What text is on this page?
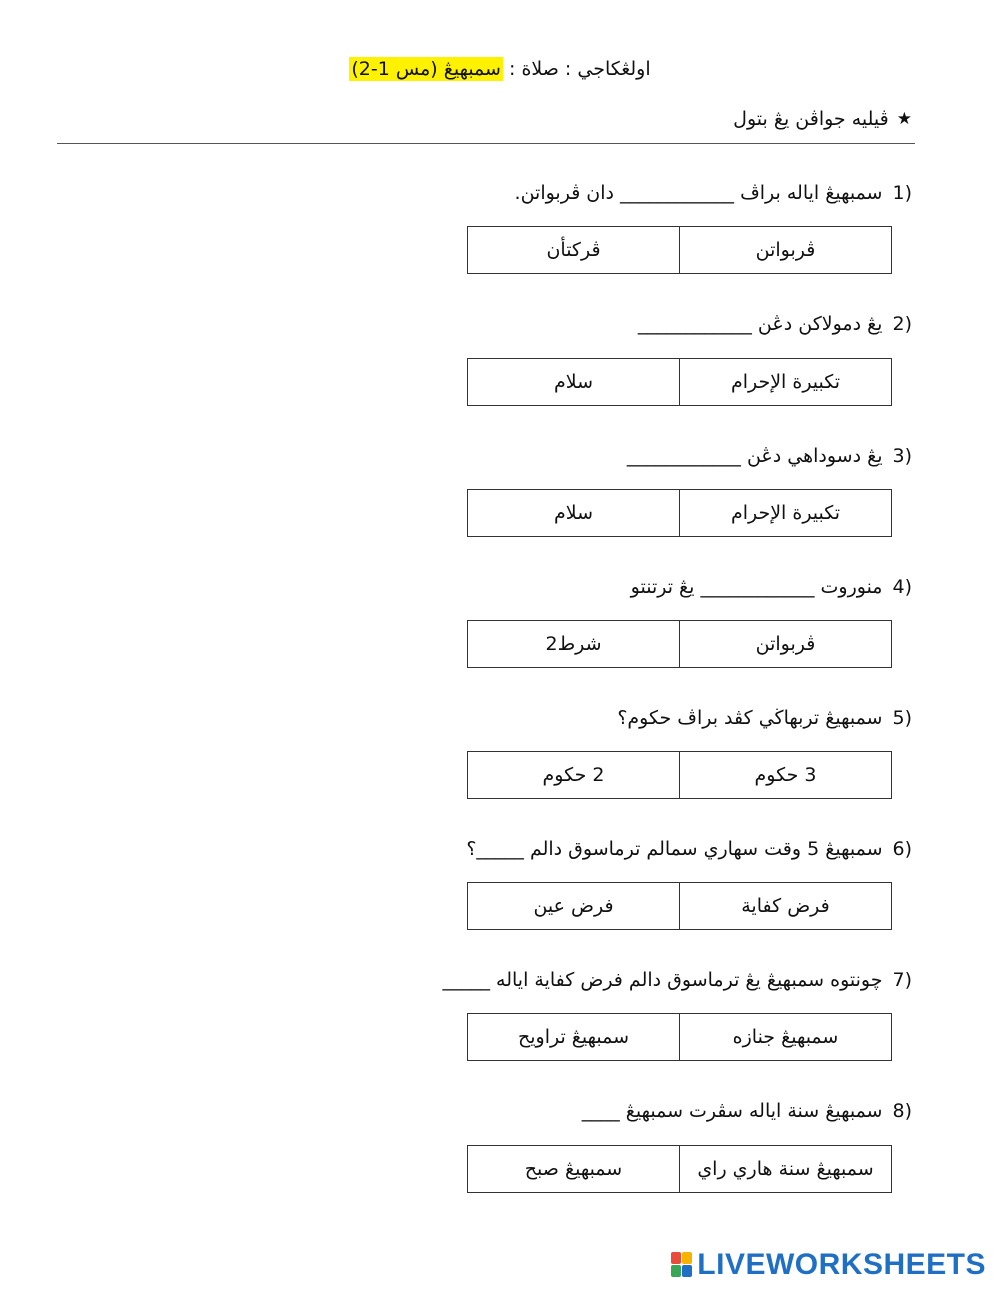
اولڠكاجي : صلاة : سمبهيڠ (مس 1-2)
★
ڤيليه جواڤن يڠ بتول
1)
سمبهيڠ اياله براڤ ____________ دان ڤربواتن.
ڤربواتن
ڤركتأن
2)
يڠ دمولاكن دڠن ____________
تكبيرة الإحرام
سلام
3)
يڠ دسوداهي دڠن ____________
تكبيرة الإحرام
سلام
4)
منوروت ____________ يڠ ترتنتو
ڤربواتن
شرط2
5)
سمبهيڠ تربهاڬي كڤد براڤ حكوم؟
3 حكوم
2 حكوم
6)
سمبهيڠ 5 وقت سهاري سمالم ترماسوق دالم _____؟
فرض كفاية
فرض عين
7)
چونتوه سمبهيڠ يڠ ترماسوق دالم فرض كفاية اياله _____
سمبهيڠ جنازه
سمبهيڠ تراويح
8)
سمبهيڠ سنة اياله سڤرت سمبهيڠ ____
سمبهيڠ سنة هاري راي
سمبهيڠ صبح
LIVEWORKSHEETS
